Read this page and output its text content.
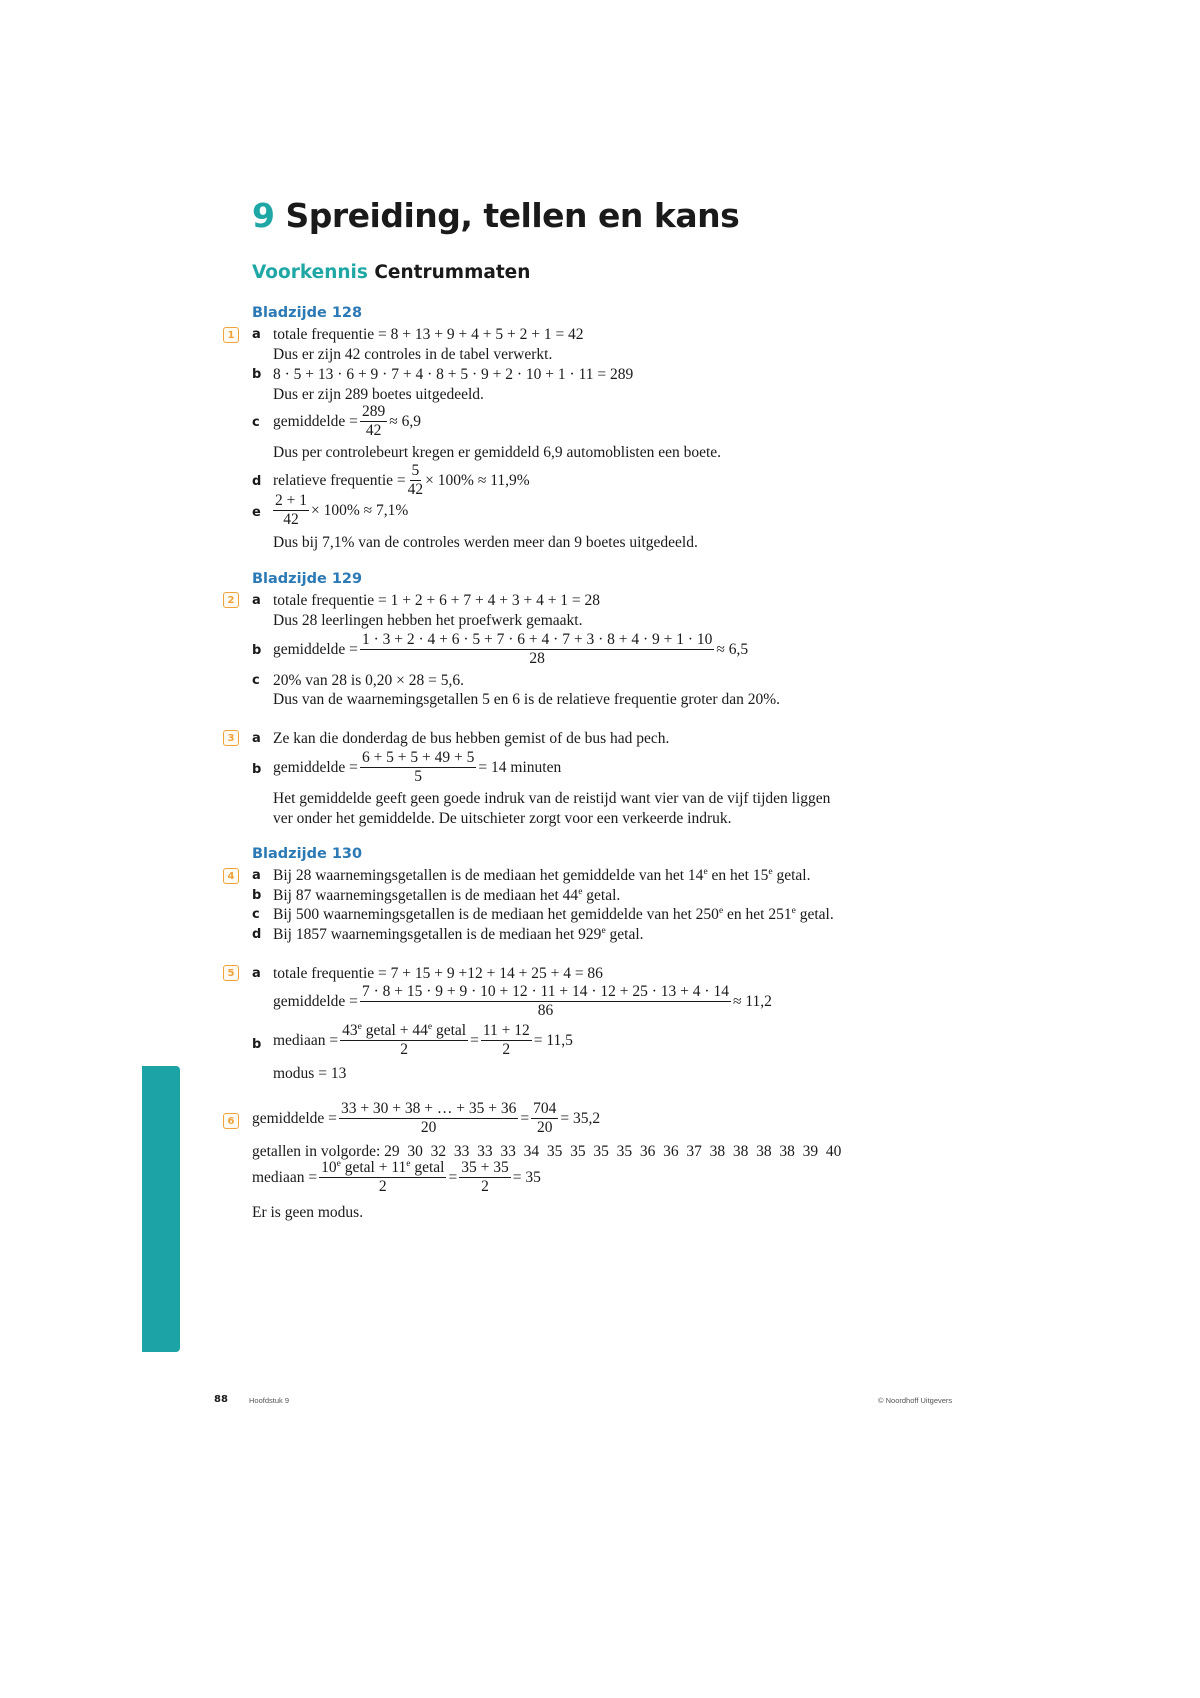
9 Spreiding, tellen en kans
Voorkennis Centrummaten
Bladzijde 128
1	a totale frequentie = 8 + 13 + 9 + 4 + 5 + 2 + 1 = 42
Dus er zijn 42 controles in de tabel verwerkt.
b 8 · 5 + 13 · 6 + 9 · 7 + 4 · 8 + 5 · 9 + 2 · 10 + 1 · 11 = 289
Dus er zijn 289 boetes uitgedeeld.
c gemiddelde = $\frac{289}{42} \approx 6,9$
Dus per controlebeurt kregen er gemiddeld 6,9 automoblisten een boete.
d relatieve frequentie = $\frac{5}{42} \times 100\% \approx 11,9\%$
e $\frac{2 + 1}{42} \times 100\% \approx 7,1\%$
Dus bij 7,1% van de controles werden meer dan 9 boetes uitgedeeld.
Bladzijde 129
2	a totale frequentie = 1 + 2 + 6 + 7 + 4 + 3 + 4 + 1 = 28
Dus 28 leerlingen hebben het proefwerk gemaakt.
b gemiddelde =
1 · 3 + 2 · 4 + 6 · 5 + 7 · 6 + 4 · 7 + 3 · 8 + 4 · 9 + 1 · 10
28
≈ 6,5
c 20% van 28 is 0,20 × 28 = 5,6.
Dus van de waarnemingsgetallen 5 en 6 is de relatieve frequentie groter dan 20%.
3	a Ze kan die donderdag de bus hebben gemist of de bus had pech.
b gemiddelde = $\frac{6 + 5 + 5 + 49 + 5}{5} = 14$ minuten
Het gemiddelde geeft geen goede indruk van de reistijd want vier van de vijf tijden liggen
ver onder het gemiddelde. De uitschieter zorgt voor een verkeerde indruk.
Bladzijde 130
4	a Bij 28 waarnemingsgetallen is de mediaan het gemiddelde van het 14e en het 15e getal.
b Bij 87 waarnemingsgetallen is de mediaan het 44e getal.
c Bij 500 waarnemingsgetallen is de mediaan het gemiddelde van het 250e en het 251e getal.
d Bij 1857 waarnemingsgetallen is de mediaan het 929e getal.
5	a totale frequentie = 7 + 15 + 9 +12 + 14 + 25 + 4 = 86
gemiddelde =
7 · 8 + 15 · 9 + 9 · 10 + 12 · 11 + 14 · 12 + 25 · 13 + 4 · 14
86
≈ 11,2
b mediaan = $\frac{43^e getal + 44^e getal}{2} = \frac{11 + 12}{2} = 11,5$
modus = 13
6 gemiddelde = $\frac{33 + 30 + 38 + \dots + 35 + 36}{20} = \frac{704}{20} = 35,2$
getallen in volgorde: 29  30  32  33  33  33  34  35  35  35  35  36  36  37  38  38  38  38  39  40
mediaan = $\frac{10^e getal + 11^e getal}{2} = \frac{35 + 35}{2} = 35$
Er is geen modus.
88	Hoofdstuk 9	© Noordhoff Uitgevers
